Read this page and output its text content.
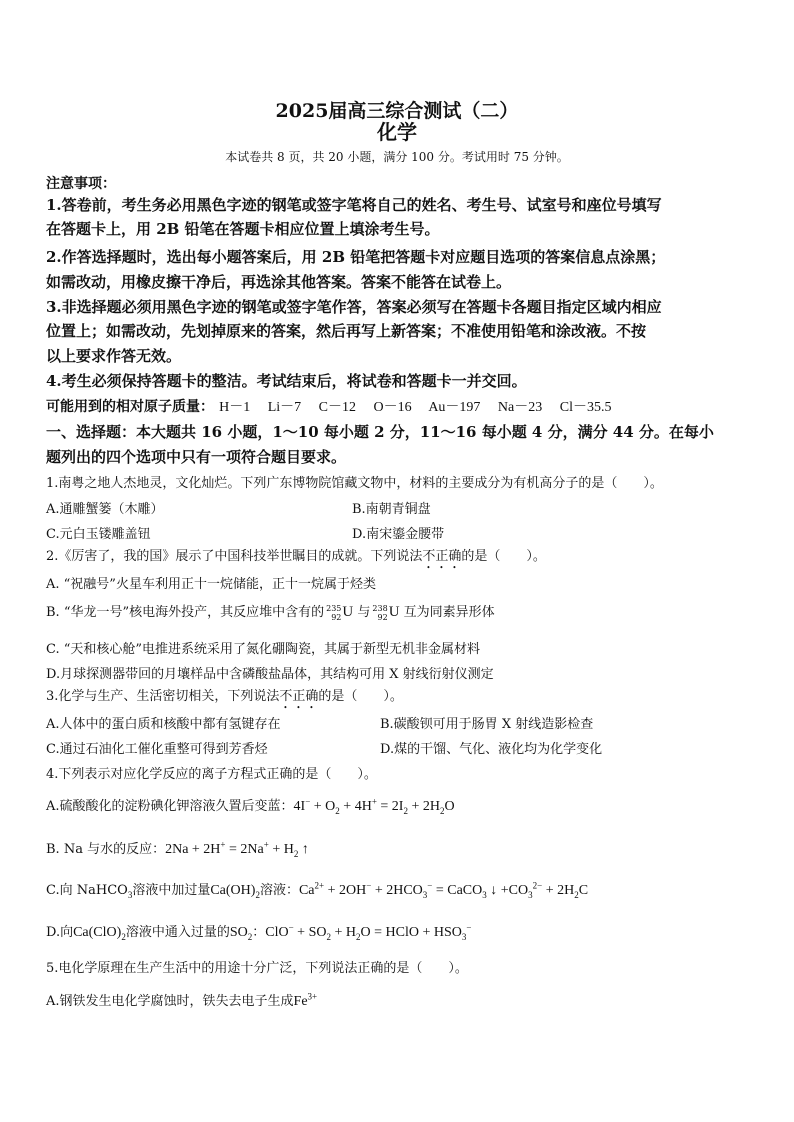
2025届高三综合测试（二）
化学
本试卷共 8 页，共 20 小题，满分 100 分。考试用时 75 分钟。
注意事项：
1.答卷前，考生务必用黑色字迹的钢笔或签字笔将自己的姓名、考生号、试室号和座位号填写
在答题卡上，用 2B 铅笔在答题卡相应位置上填涂考生号。
2.作答选择题时，选出每小题答案后，用 2B 铅笔把答题卡对应题目选项的答案信息点涂黑；
如需改动，用橡皮擦干净后，再选涂其他答案。答案不能答在试卷上。
3.非选择题必须用黑色字迹的钢笔或签字笔作答，答案必须写在答题卡各题目指定区域内相应
位置上；如需改动，先划掉原来的答案，然后再写上新答案；不准使用铅笔和涂改液。不按
以上要求作答无效。
4.考生必须保持答题卡的整洁。考试结束后，将试卷和答题卡一并交回。
可能用到的相对原子质量： H－1　 Li－7　 C－12　 O－16　 Au－197　 Na－23　 Cl－35.5
一、选择题：本大题共 16 小题，1～10 每小题 2 分，11～16 每小题 4 分，满分 44 分。在每小
题列出的四个选项中只有一项符合题目要求。
1.南粤之地人杰地灵，文化灿烂。下列广东博物院馆藏文物中，材料的主要成分为有机高分子的是（　　）。
A.通雕蟹篓（木雕）	B.南朝青铜盘
C.元白玉镂雕盖钮	D.南宋鎏金腰带
2.《厉害了，我的国》展示了中国科技举世瞩目的成就。下列说法不正确的是（　　）。
A. “祝融号”火星车利用正十一烷储能，正十一烷属于烃类
B. “华龙一号”核电海外投产，其反应堆中含有的 235
92 U 与 238
92 U 互为同素异形体
C. “天和核心舱”电推进系统采用了氮化硼陶瓷，其属于新型无机非金属材料
D.月球探测器带回的月壤样品中含磷酸盐晶体，其结构可用 X 射线衍射仪测定
3.化学与生产、生活密切相关，下列说法不正确的是（　　）。
A.人体中的蛋白质和核酸中都有氢键存在	B.碳酸钡可用于肠胃 X 射线造影检查
C.通过石油化工催化重整可得到芳香烃	D.煤的干馏、气化、液化均为化学变化
4.下列表示对应化学反应的离子方程式正确的是（　　）。
A.硫酸酸化的淀粉碘化钾溶液久置后变蓝：$4I^- + O_2 + 4H^+ = 2I_2 + 2H_2O$
B. Na 与水的反应：$2Na + 2H^+ = 2Na^+ + H_2$ ↑
C.向 NaHCO$_3$溶液中加过量$Ca(OH)_2$溶液：$Ca^{2+} + 2OH^- + 2HCO_3^-$ = CaCO$_3$ ↓ $+CO_3^{2-} + 2H_2C$
D.向$Ca(ClO)_2$溶液中通入过量的$SO_2$：$ClO^- + SO_2 + H_2O$ = HClO + $HSO_3^-$
5.电化学原理在生产生活中的用途十分广泛，下列说法正确的是（　　）。
A.钢铁发生电化学腐蚀时，铁失去电子生成$Fe^{3+}$
